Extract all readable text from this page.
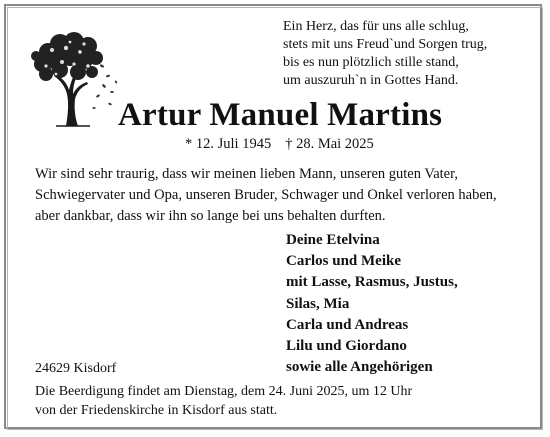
Ein Herz, das für uns alle schlug,
stets mit uns Freud`und Sorgen trug,
bis es nun plötzlich stille stand,
um auszuruh`n in Gottes Hand.

Artur Manuel Martins
* 12. Juli 1945 † 28. Mai 2025

Wir sind sehr traurig, dass wir meinen lieben Mann, unseren guten Vater,
Schwiegervater und Opa, unseren Bruder, Schwager und Onkel verloren haben,
aber dankbar, dass wir ihn so lange bei uns behalten durften.

Deine Etelvina
Carlos und Meike
mit Lasse, Rasmus, Justus,
Silas, Mia
Carla und Andreas
Lilu und Giordano
sowie alle Angehörigen

24629 Kisdorf

Die Beerdigung findet am Dienstag, dem 24. Juni 2025, um 12 Uhr
von der Friedenskirche in Kisdorf aus statt.
